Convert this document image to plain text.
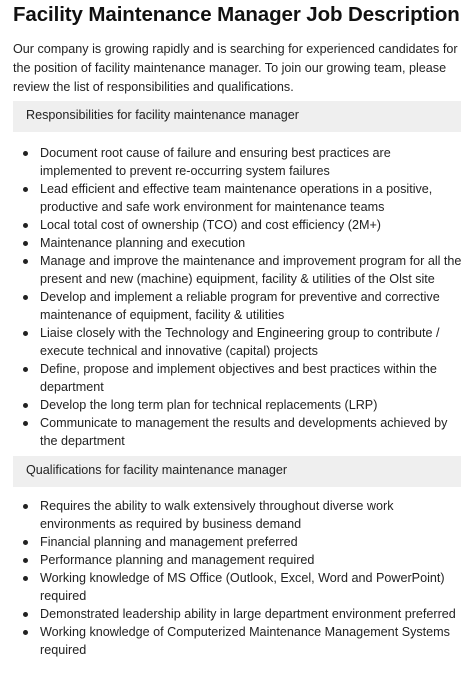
Facility Maintenance Manager Job Description

Our company is growing rapidly and is searching for experienced candidates for the position of facility maintenance manager. To join our growing team, please review the list of responsibilities and qualifications.

Responsibilities for facility maintenance manager
Document root cause of failure and ensuring best practices are implemented to prevent re-occurring system failures
Lead efficient and effective team maintenance operations in a positive, productive and safe work environment for maintenance teams
Local total cost of ownership (TCO) and cost efficiency (2M+)
Maintenance planning and execution
Manage and improve the maintenance and improvement program for all the present and new (machine) equipment, facility & utilities of the Olst site
Develop and implement a reliable program for preventive and corrective maintenance of equipment, facility & utilities
Liaise closely with the Technology and Engineering group to contribute / execute technical and innovative (capital) projects
Define, propose and implement objectives and best practices within the department
Develop the long term plan for technical replacements (LRP)
Communicate to management the results and developments achieved by the department
Qualifications for facility maintenance manager
Requires the ability to walk extensively throughout diverse work environments as required by business demand
Financial planning and management preferred
Performance planning and management required
Working knowledge of MS Office (Outlook, Excel, Word and PowerPoint) required
Demonstrated leadership ability in large department environment preferred
Working knowledge of Computerized Maintenance Management Systems required
